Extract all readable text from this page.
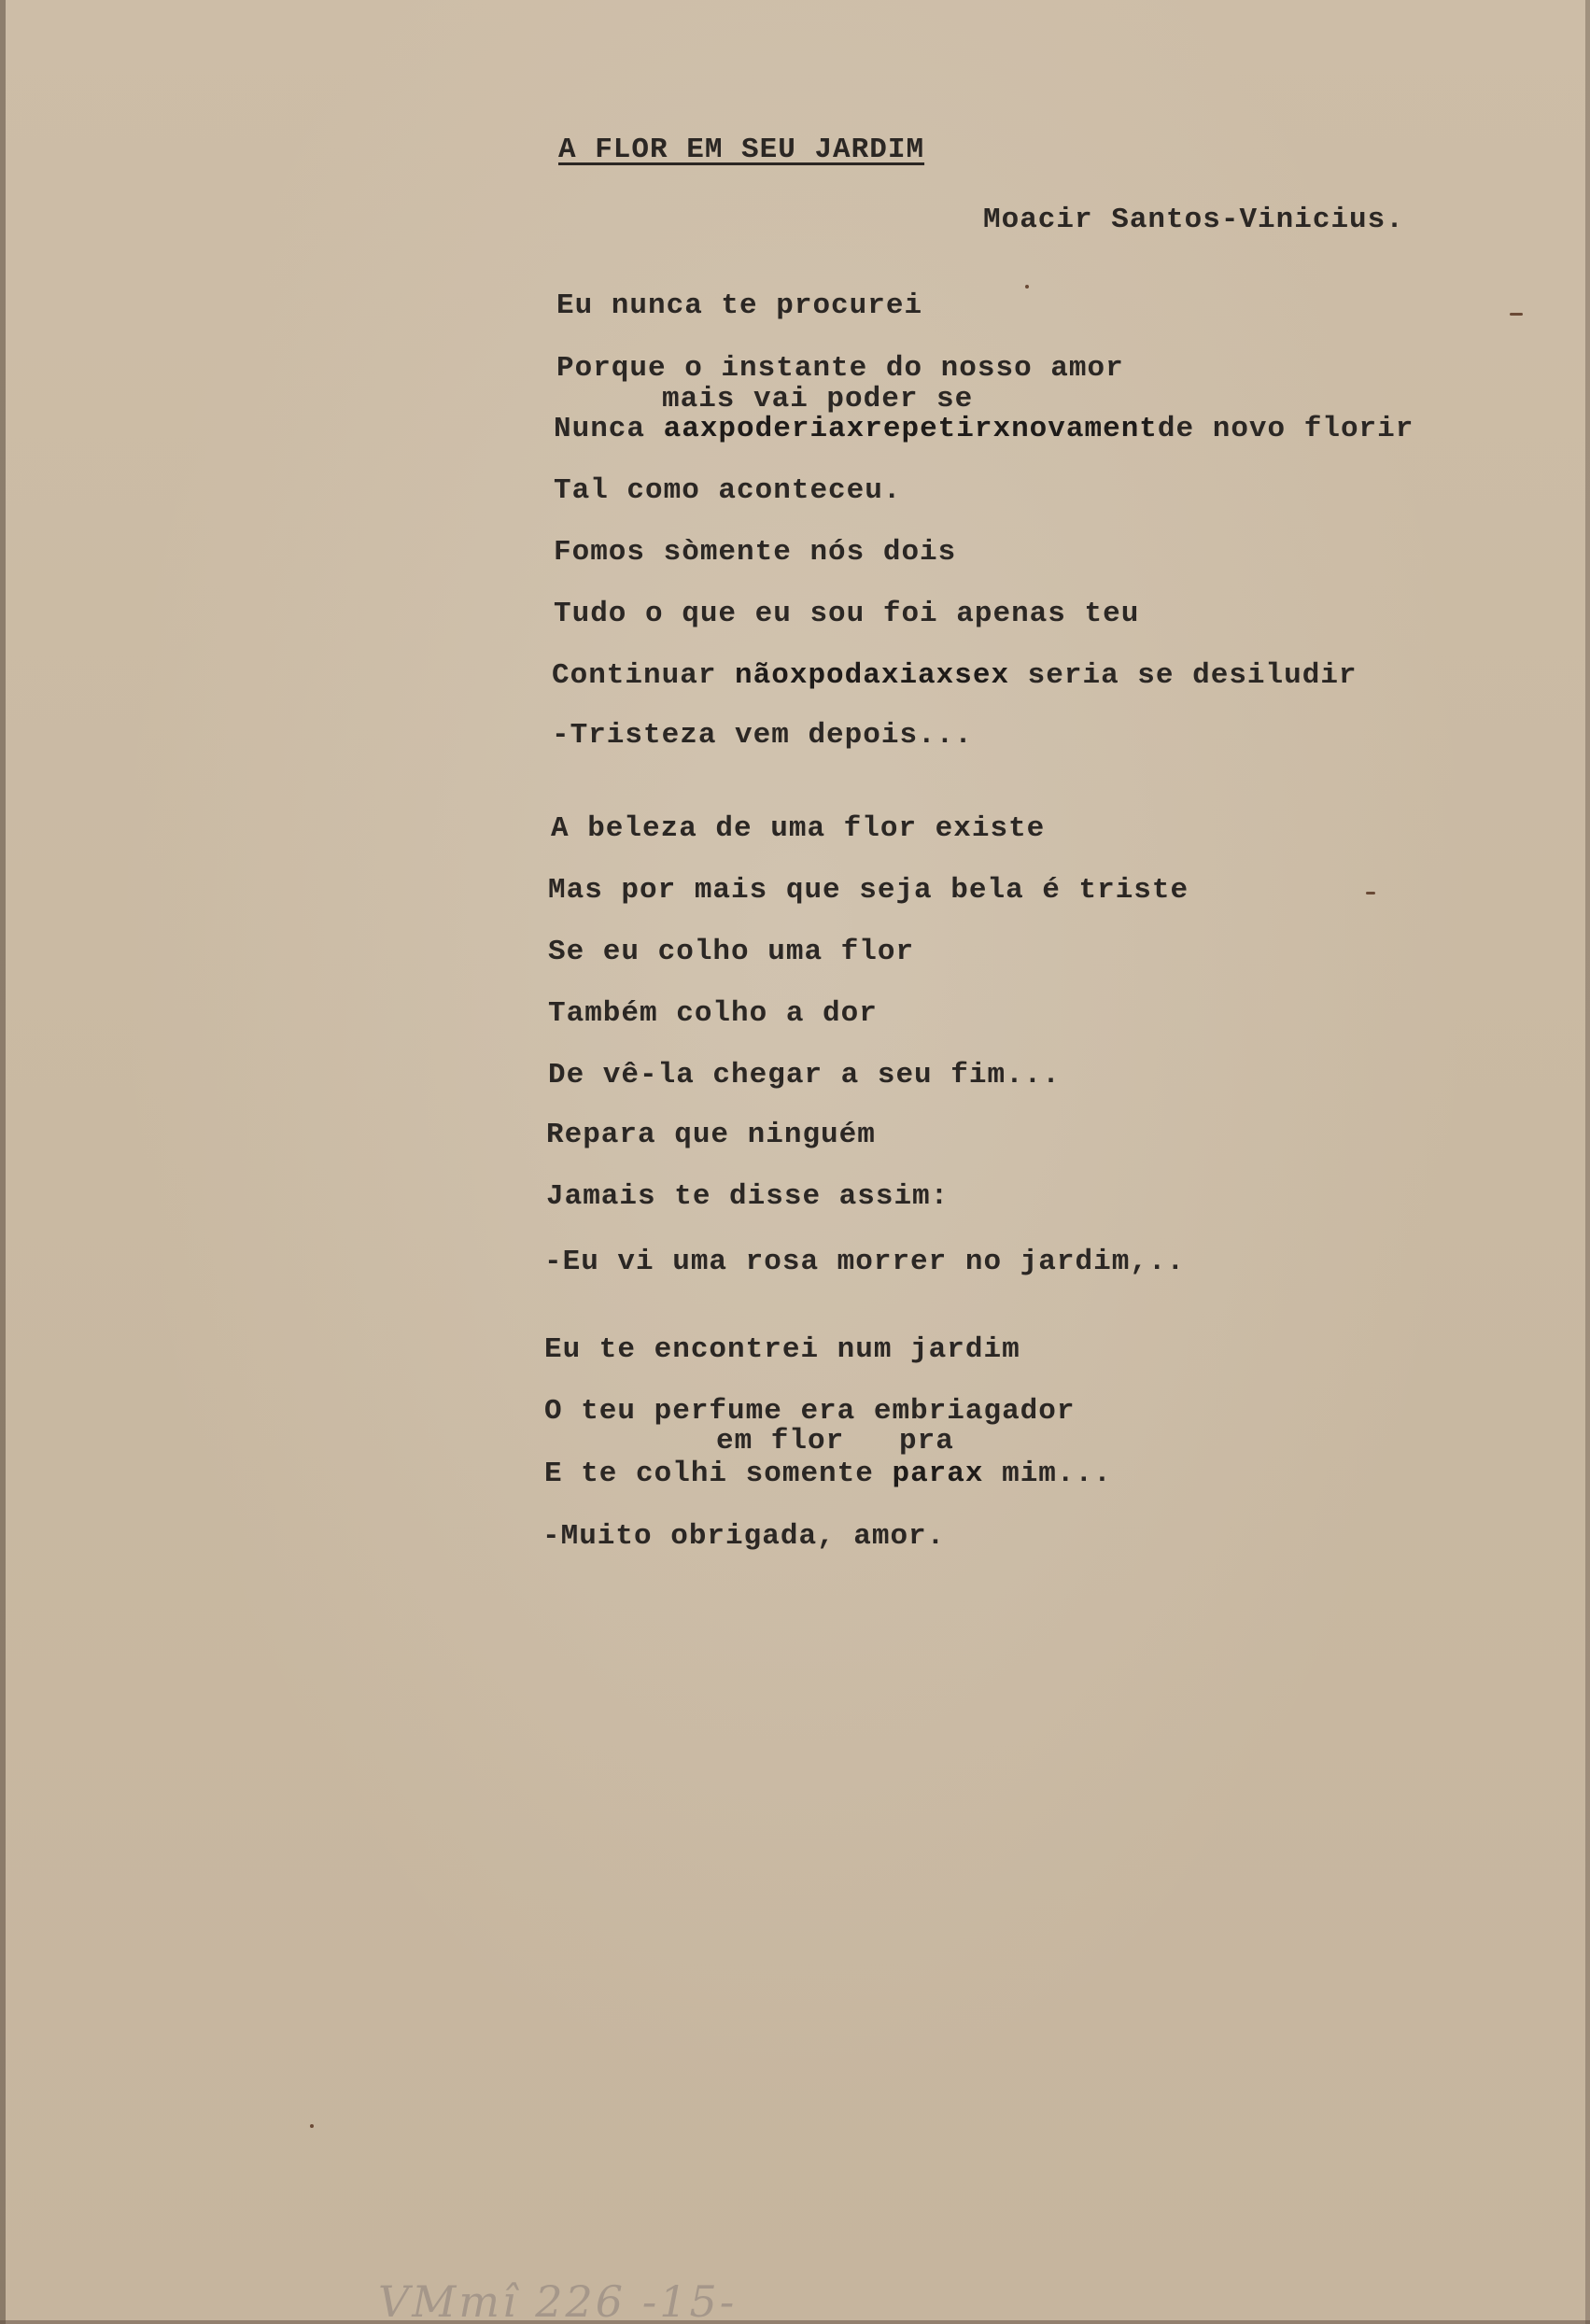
A FLOR EM SEU JARDIM
Moacir Santos-Vinicius.
Eu nunca te procurei
Porque o instante do nosso amor
mais vai poder se
Nunca aaxpoderiaxrepetirxnovamentde novo florir
Tal como aconteceu.
Fomos sòmente nós dois
Tudo o que eu sou foi apenas teu
Continuar nãoxpodaxiaxsex seria se desiludir
-Tristeza vem depois...
A beleza de uma flor existe
Mas por mais que seja bela é triste
Se eu colho uma flor
Também colho a dor
De vê-la chegar a seu fim...
Repara que ninguém
Jamais te disse assim:
-Eu vi uma rosa morrer no jardim,..
Eu te encontrei num jardim
O teu perfume era embriagador
em flor pra
E te colhi somente parax mim...
-Muito obrigada, amor.
VMmî 226 -15-
